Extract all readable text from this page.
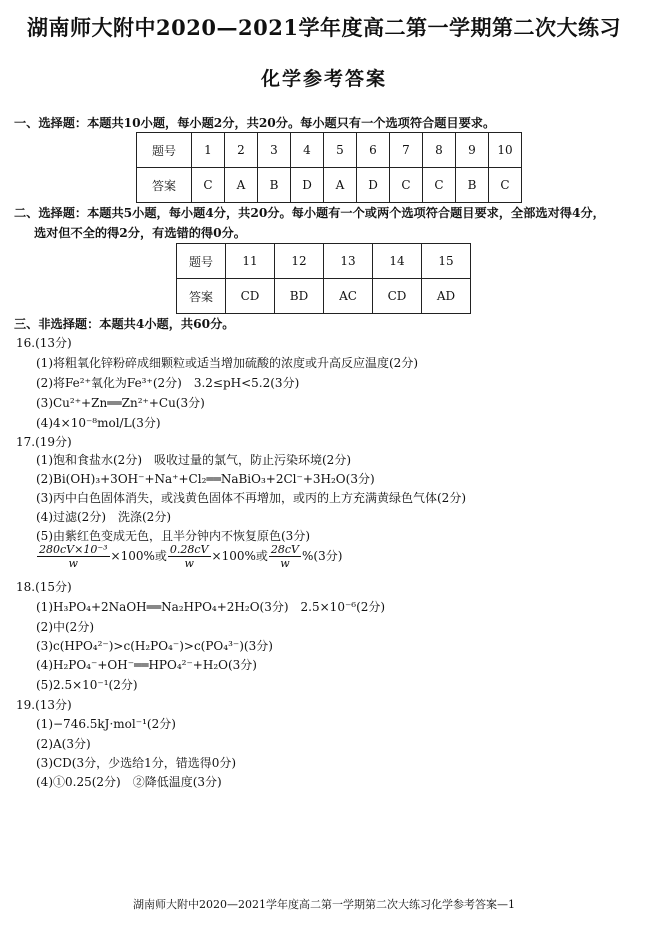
湖南师大附中2020—2021学年度高二第一学期第二次大练习
化学参考答案
一、选择题：本题共10小题，每小题2分，共20分。每小题只有一个选项符合题目要求。
题号	1	2	3	4	5	6	7	8	9	10
答案	C	A	B	D	A	D	C	C	B	C
二、选择题：本题共5小题，每小题4分，共20分。每小题有一个或两个选项符合题目要求，全部选对得4分，
选对但不全的得2分，有选错的得0分。
题号	11	12	13	14	15
答案	CD	BD	AC	CD	AD
三、非选择题：本题共4小题，共60分。
16.(13分)
(1)将粗氧化锌粉碎成细颗粒或适当增加硫酸的浓度或升高反应温度(2分)
(2)将Fe²⁺氧化为Fe³⁺(2分)　3.2≤pH<5.2(3分)
(3)Cu²⁺+Zn══Zn²⁺+Cu(3分)
(4)4×10⁻⁸mol/L(3分)
17.(19分)
(1)饱和食盐水(2分)　吸收过量的氯气，防止污染环境(2分)
(2)Bi(OH)₃+3OH⁻+Na⁺+Cl₂══NaBiO₃+2Cl⁻+3H₂O(3分)
(3)丙中白色固体消失，或浅黄色固体不再增加，或丙的上方充满黄绿色气体(2分)
(4)过滤(2分)　洗涤(2分)
(5)由紫红色变成无色，且半分钟内不恢复原色(3分)
$\frac{\text{280cV×10⁻³}}{w} \times 100\%$或 $\frac{0.28cV}{w} \times 100\%$或 $\frac{28cV}{w} \%(3$分)
18.(15分)
(1)H₃PO₄+2NaOH══Na₂HPO₄+2H₂O(3分)　2.5×10⁻⁶(2分)
(2)中(2分)
(3)c(HPO₄²⁻)>c(H₂PO₄⁻)>c(PO₄³⁻)(3分)
(4)H₂PO₄⁻+OH⁻══HPO₄²⁻+H₂O(3分)
(5)2.5×10⁻¹(2分)
19.(13分)
(1)−746.5kJ·mol⁻¹(2分)
(2)A(3分)
(3)CD(3分，少选给1分，错选得0分)
(4)①0.25(2分)　②降低温度(3分)
湖南师大附中2020—2021学年度高二第一学期第二次大练习化学参考答案—1
